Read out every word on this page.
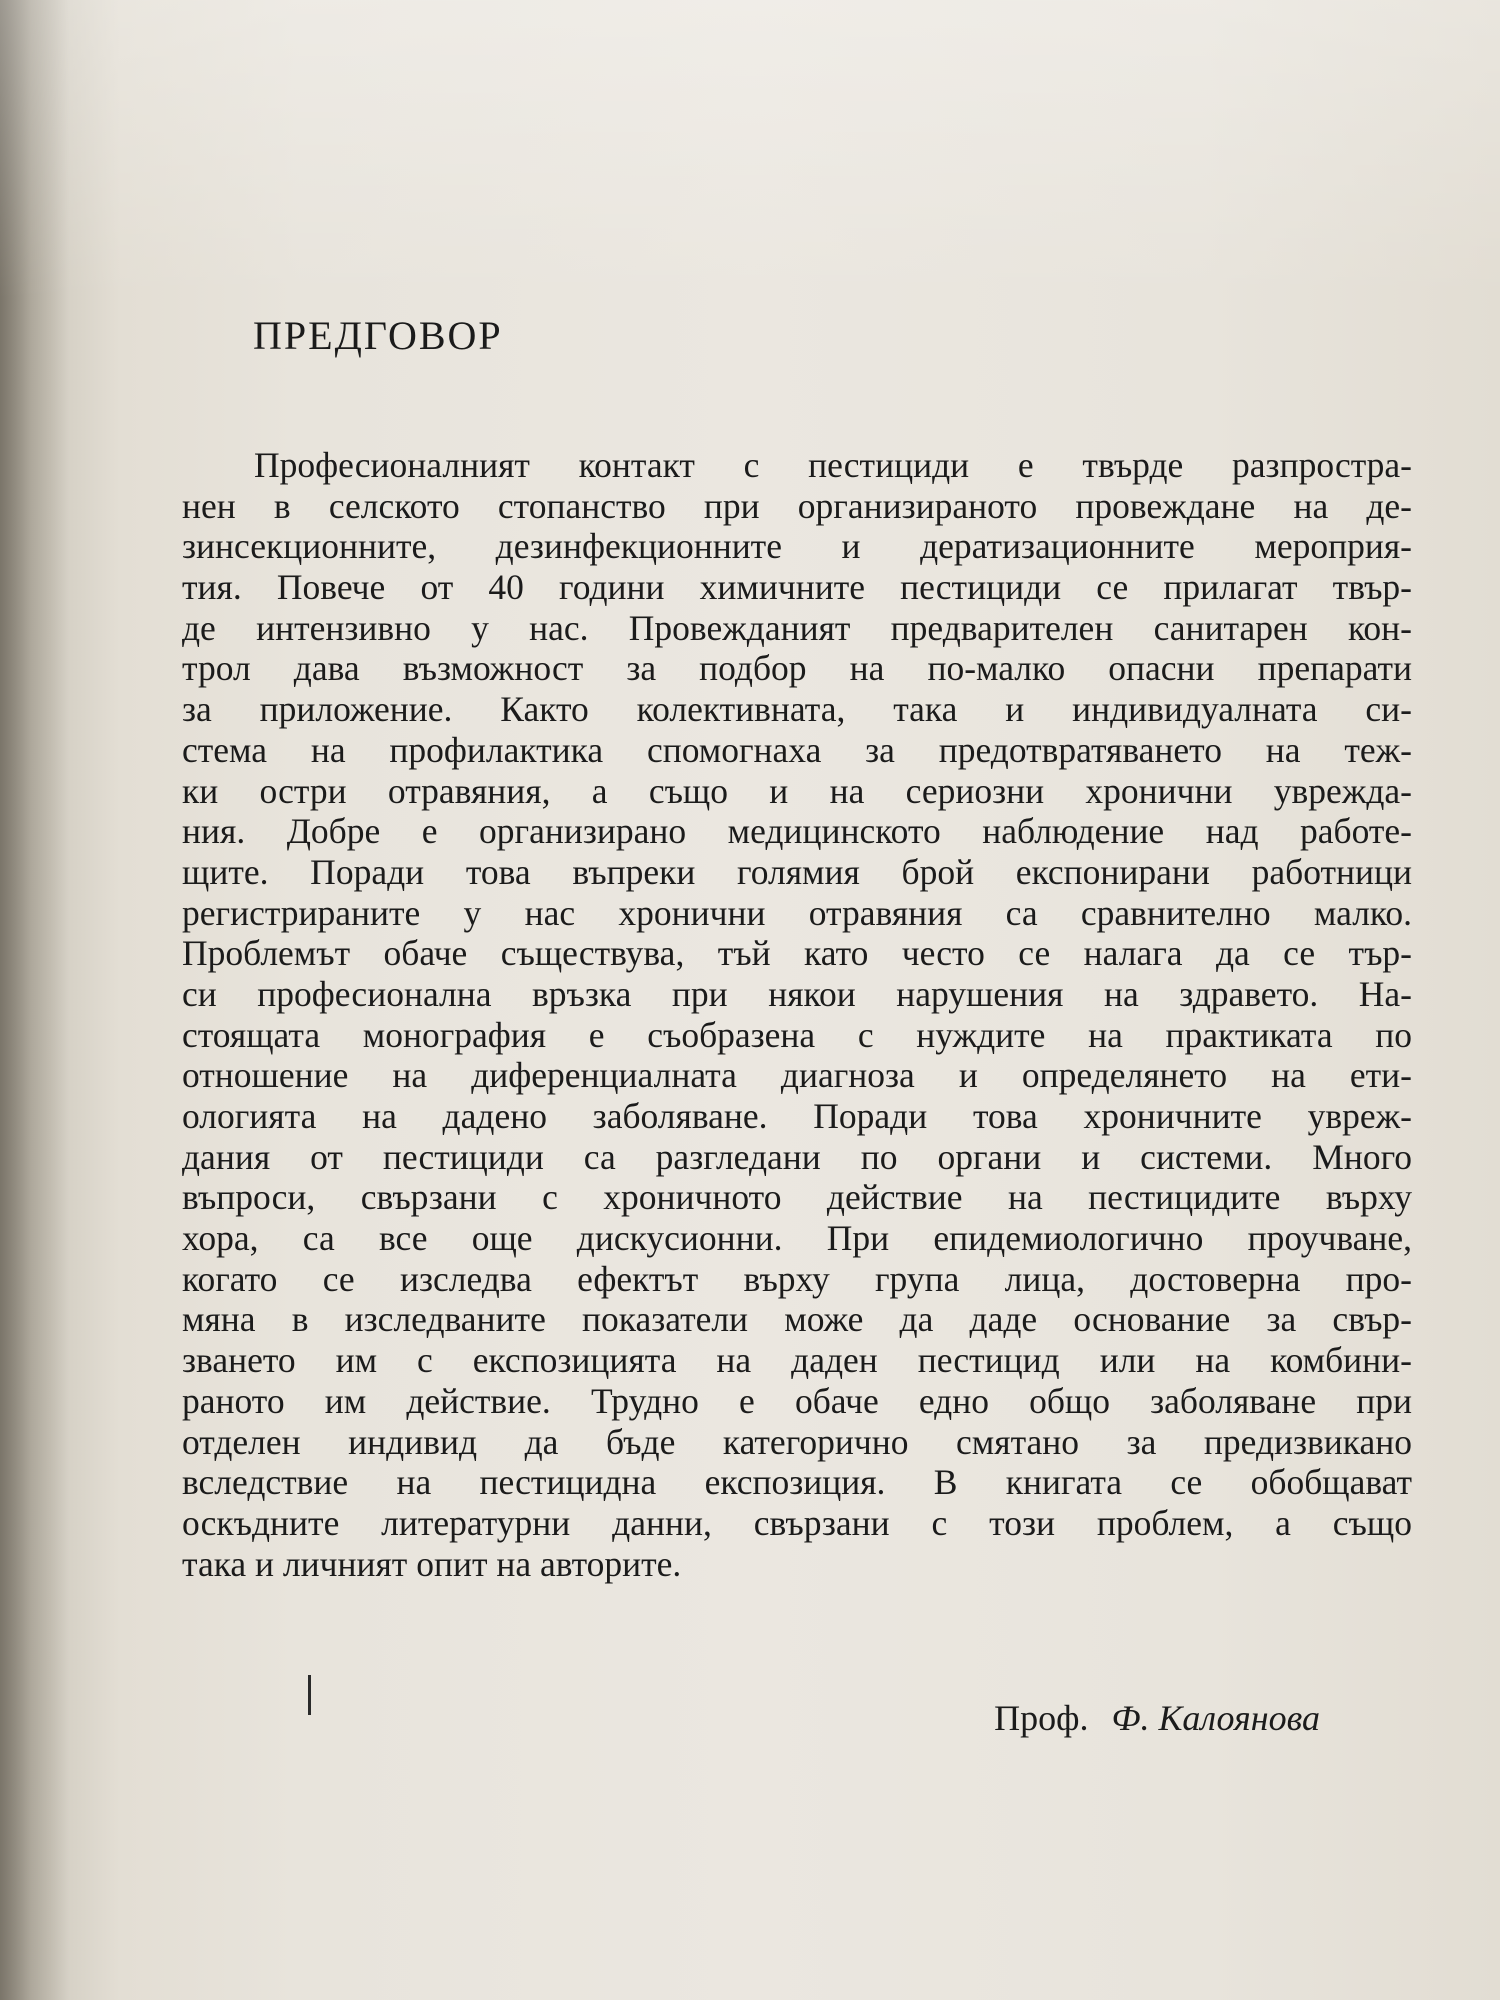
ПРЕДГОВОР
Професионалният контакт с пестициди е твърде разпростра-
нен в селското стопанство при организираното провеждане на де-
зинсекционните, дезинфекционните и дератизационните мероприя-
тия. Повече от 40 години химичните пестициди се прилагат твър-
де интензивно у нас. Провежданият предварителен санитарен кон-
трол дава възможност за подбор на по-малко опасни препарати
за приложение. Както колективната, така и индивидуалната си-
стема на профилактика спомогнаха за предотвратяването на теж-
ки остри отравяния, а също и на сериозни хронични увреждa-
ния. Добре е организирано медицинското наблюдение над работе-
щите. Поради това въпреки голямия брой експонирани работници
регистрираните у нас хронични отравяния са сравнително малко.
Проблемът обаче съществува, тъй като често се налага да се тър-
си професионална връзка при някои нарушения на здравето. На-
стоящата монография е съобразена с нуждите на практиката по
отношение на диференциалната диагноза и определянето на ети-
ологията на дадено заболяване. Поради това хроничните увреж-
дания от пестициди са разгледани по органи и системи. Много
въпроси, свързани с хроничното действие на пестицидите върху
хора, са все още дискусионни. При епидемиологично проучване,
когато се изследва ефектът върху група лица, достоверна про-
мяна в изследваните показатели може да даде основание за свър-
зването им с експозицията на даден пестицид или на комбини-
раното им действие. Трудно е обаче едно общо заболяване при
отделен индивид да бъде категорично смятано за предизвикано
вследствие на пестицидна експозиция. В книгата се обобщават
оскъдните литературни данни, свързани с този проблем, а също
така и личният опит на авторите.
Проф. Ф. Калоянова
